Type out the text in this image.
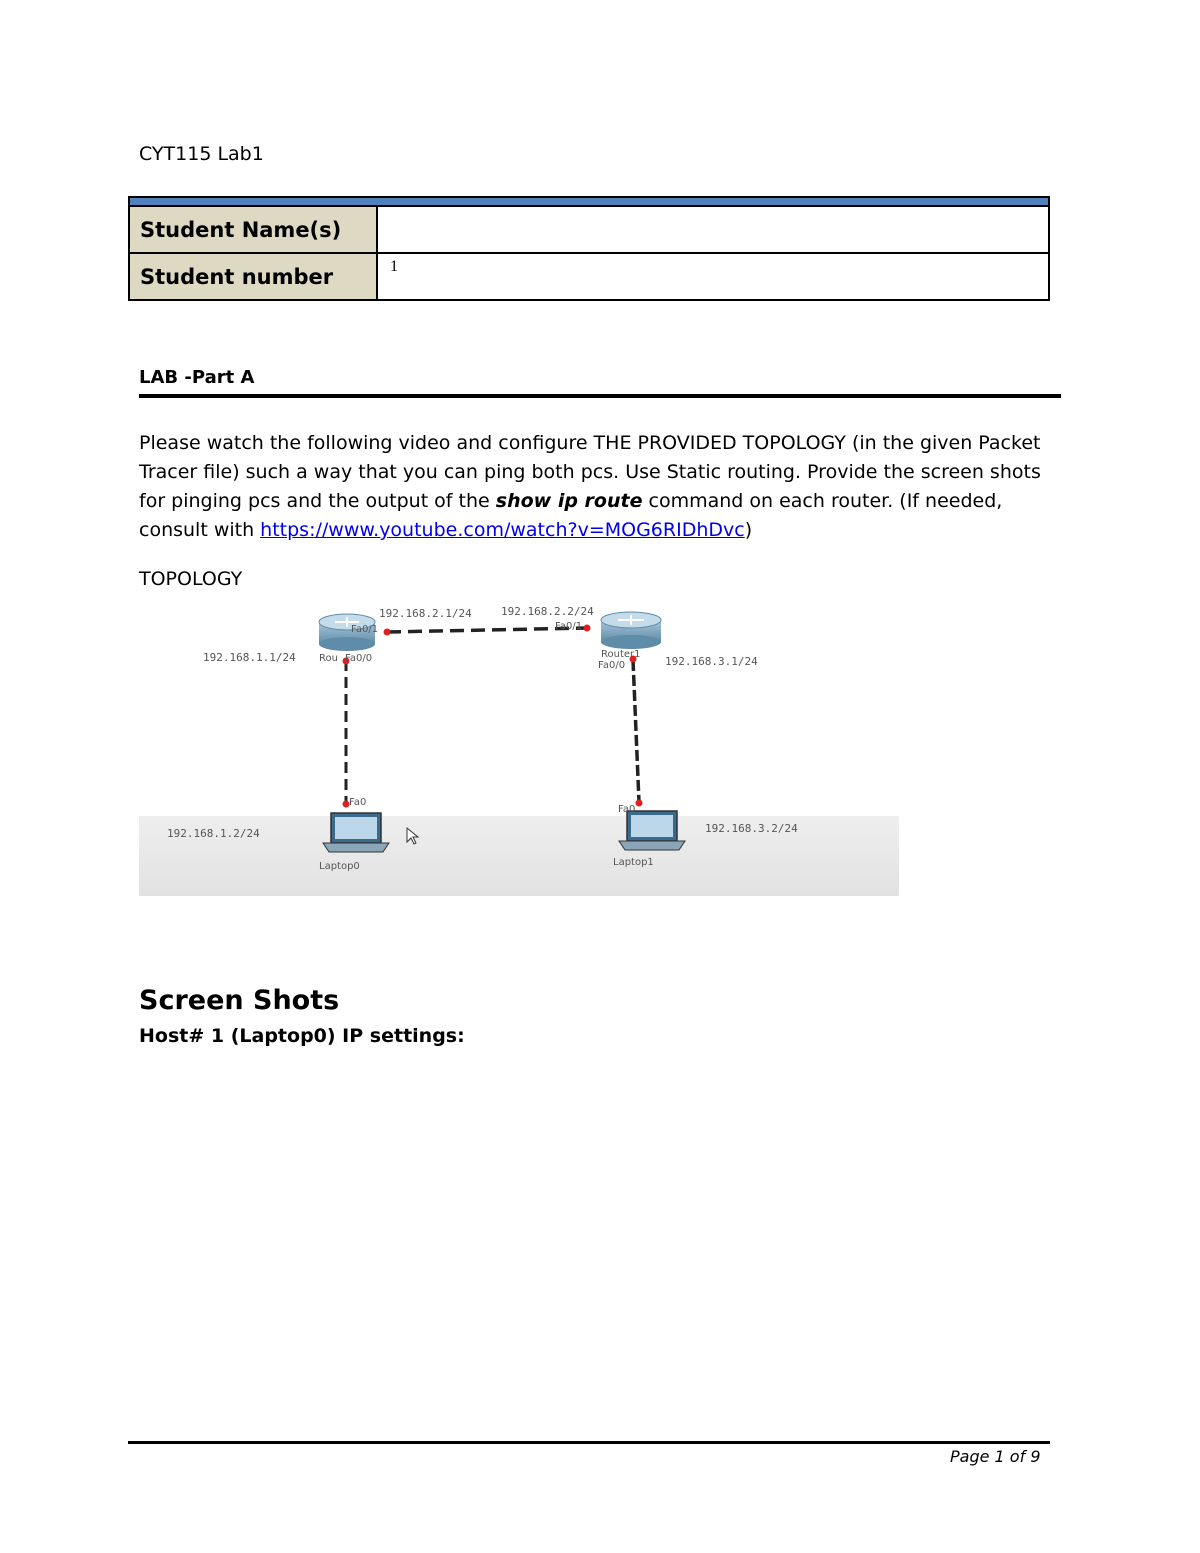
CYT115 Lab1

Student Name(s)	
Student number	1
LAB -Part A
Please watch the following video and configure THE PROVIDED TOPOLOGY (in the given Packet Tracer file) such a way that you can ping both pcs. Use Static routing. Provide the screen shots for pinging pcs and the output of the show ip route command on each router. (If needed, consult with https://www.youtube.com/watch?v=MOG6RIDhDvc)
TOPOLOGY
192.168.2.1/24	192.168.2.2/24
192.168.1.1/24	192.168.3.1/24
192.168.1.2/24	192.168.3.2/24
Fa0/1
Rou Fa0/0
Fa0/1
Router1
Fa0/0
Fa0
Fa0
Laptop0	Laptop1
Screen Shots
Host# 1 (Laptop0) IP settings:
Page 1 of 9
